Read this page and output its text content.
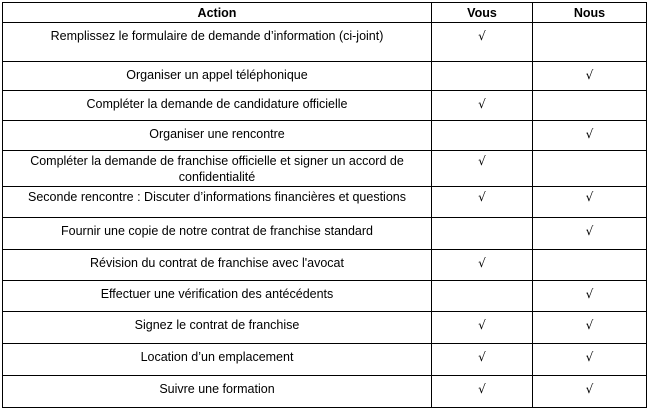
Action	Vous	Nous
Remplissez le formulaire de demande d’information (ci-joint)	√	
Organiser un appel téléphonique		√
Compléter la demande de candidature officielle	√	
Organiser une rencontre		√
Compléter la demande de franchise officielle et signer un accord de confidentialité	√	
Seconde rencontre : Discuter d’informations financières et questions	√	√
Fournir une copie de notre contrat de franchise standard		√
Révision du contrat de franchise avec l'avocat	√	
Effectuer une vérification des antécédents		√
Signez le contrat de franchise	√	√
Location d’un emplacement	√	√
Suivre une formation	√	√
